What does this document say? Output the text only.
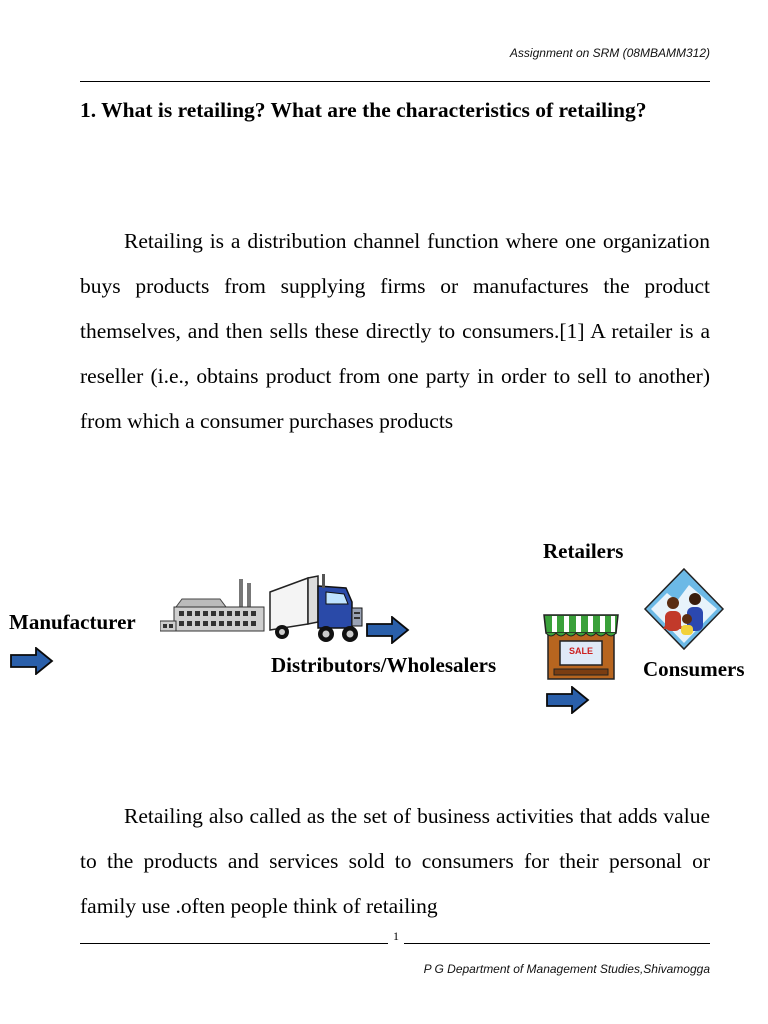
Assignment on SRM (08MBAMM312)
1. What is retailing? What are the characteristics of retailing?
Retailing is a distribution channel function where one organization buys products from supplying firms or manufactures the product themselves, and then sells these directly to consumers.[1] A retailer is a reseller (i.e., obtains product from one party in order to sell to another) from which a consumer purchases products
Manufacturer
Distributors/Wholesalers
Retailers
Consumers
SALE
Retailing also called as the set of business activities that adds value to the products and services sold to consumers for their personal or family use .often people think of retailing
1
P G Department of Management Studies,Shivamogga
